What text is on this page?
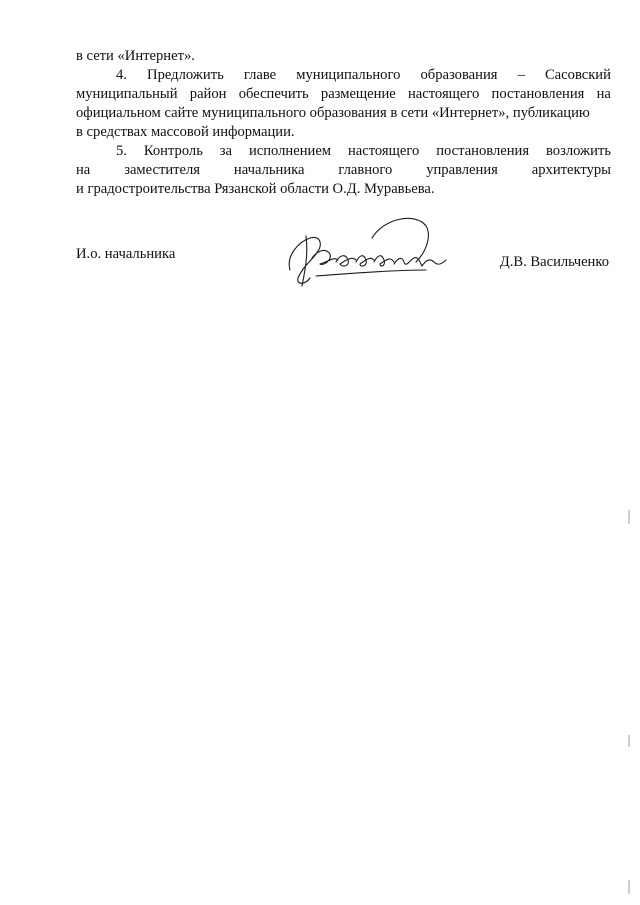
в сети «Интернет».
4. Предложить главе муниципального образования – Сасовский
муниципальный район обеспечить размещение настоящего постановления на
официальном сайте муниципального образования в сети «Интернет», публикацию
в средствах массовой информации.
5. Контроль за исполнением настоящего постановления возложить
на заместителя начальника главного управления архитектуры
и градостроительства Рязанской области О.Д. Муравьева.
И.о. начальника	Д.В. Васильченко
